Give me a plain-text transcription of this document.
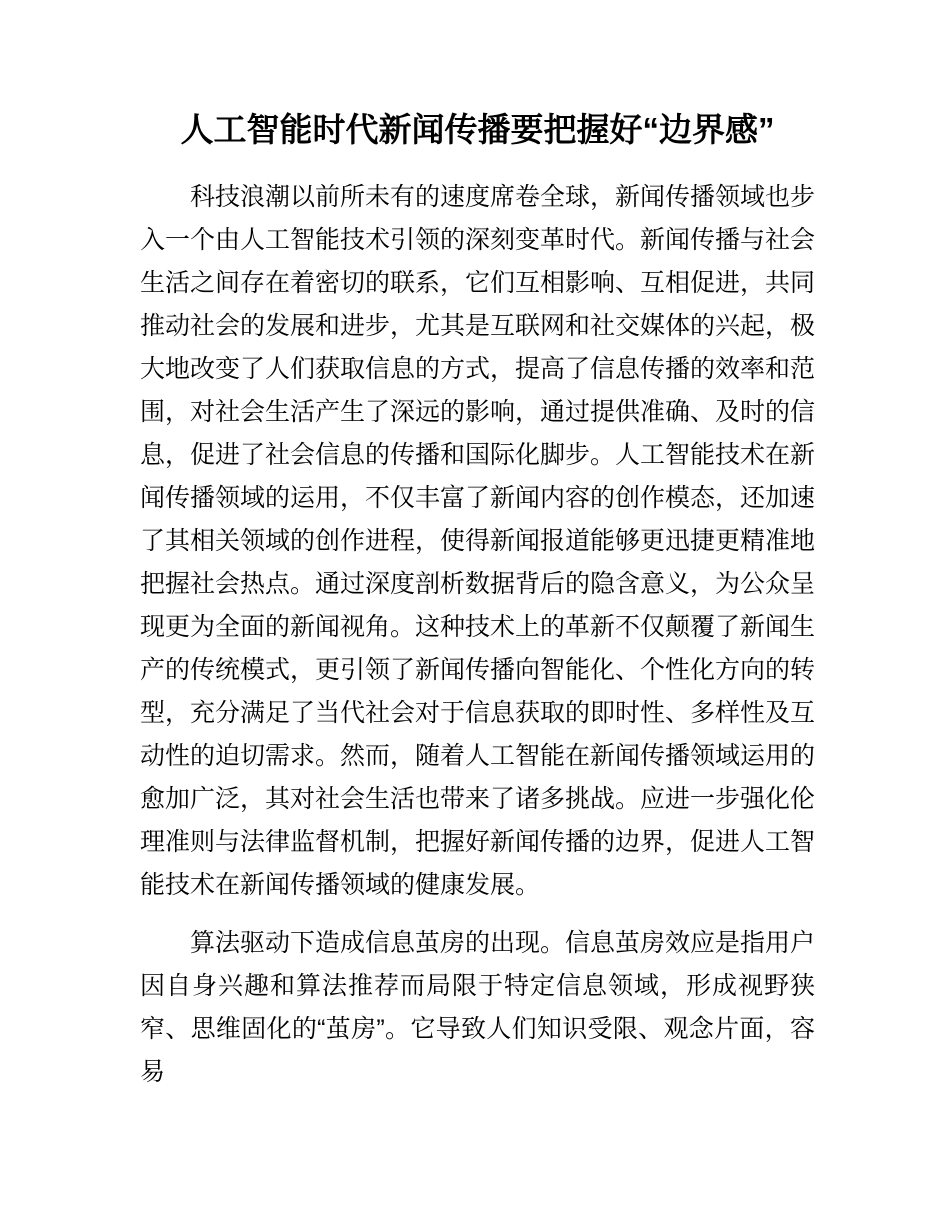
人工智能时代新闻传播要把握好“边界感”

科技浪潮以前所未有的速度席卷全球，新闻传播领域也步入一个由人工智能技术引领的深刻变革时代。新闻传播与社会生活之间存在着密切的联系，它们互相影响、互相促进，共同推动社会的发展和进步，尤其是互联网和社交媒体的兴起，极大地改变了人们获取信息的方式，提高了信息传播的效率和范围，对社会生活产生了深远的影响，通过提供准确、及时的信息，促进了社会信息的传播和国际化脚步。人工智能技术在新闻传播领域的运用，不仅丰富了新闻内容的创作模态，还加速了其相关领域的创作进程，使得新闻报道能够更迅捷更精准地把握社会热点。通过深度剖析数据背后的隐含意义，为公众呈现更为全面的新闻视角。这种技术上的革新不仅颠覆了新闻生产的传统模式，更引领了新闻传播向智能化、个性化方向的转型，充分满足了当代社会对于信息获取的即时性、多样性及互动性的迫切需求。然而，随着人工智能在新闻传播领域运用的愈加广泛，其对社会生活也带来了诸多挑战。应进一步强化伦理准则与法律监督机制，把握好新闻传播的边界，促进人工智能技术在新闻传播领域的健康发展。

算法驱动下造成信息茧房的出现。信息茧房效应是指用户因自身兴趣和算法推荐而局限于特定信息领域，形成视野狭窄、思维固化的“茧房”。它导致人们知识受限、观念片面，容易
